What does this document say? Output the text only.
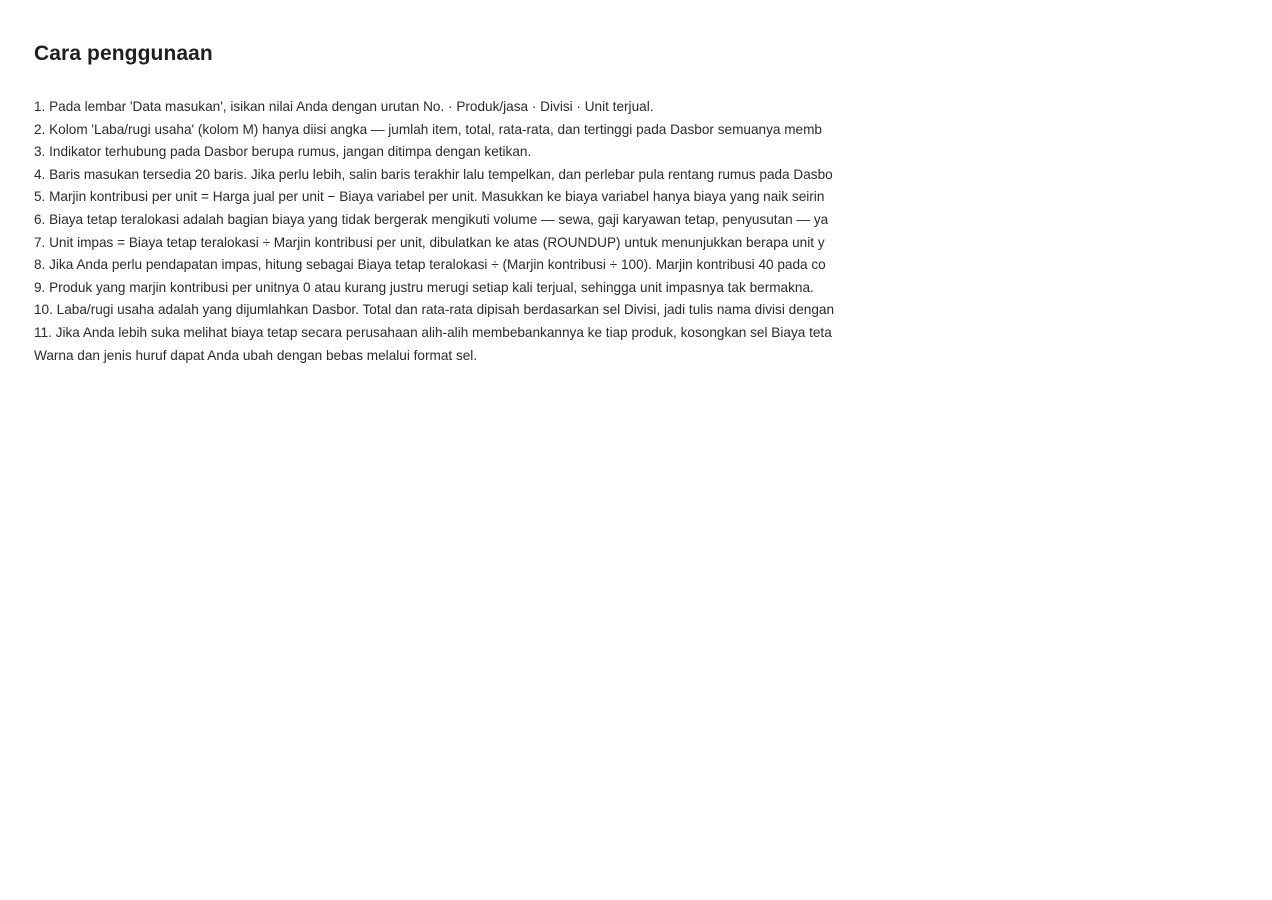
Cara penggunaan
1. Pada lembar 'Data masukan', isikan nilai Anda dengan urutan No. · Produk/jasa · Divisi · Unit terjual.
2. Kolom 'Laba/rugi usaha' (kolom M) hanya diisi angka — jumlah item, total, rata-rata, dan tertinggi pada Dasbor semuanya memb
3. Indikator terhubung pada Dasbor berupa rumus, jangan ditimpa dengan ketikan.
4. Baris masukan tersedia 20 baris. Jika perlu lebih, salin baris terakhir lalu tempelkan, dan perlebar pula rentang rumus pada Dasbo
5. Marjin kontribusi per unit = Harga jual per unit − Biaya variabel per unit. Masukkan ke biaya variabel hanya biaya yang naik seirin
6. Biaya tetap teralokasi adalah bagian biaya yang tidak bergerak mengikuti volume — sewa, gaji karyawan tetap, penyusutan — ya
7. Unit impas = Biaya tetap teralokasi ÷ Marjin kontribusi per unit, dibulatkan ke atas (ROUNDUP) untuk menunjukkan berapa unit y
8. Jika Anda perlu pendapatan impas, hitung sebagai Biaya tetap teralokasi ÷ (Marjin kontribusi ÷ 100). Marjin kontribusi 40 pada co
9. Produk yang marjin kontribusi per unitnya 0 atau kurang justru merugi setiap kali terjual, sehingga unit impasnya tak bermakna.
10. Laba/rugi usaha adalah yang dijumlahkan Dasbor. Total dan rata-rata dipisah berdasarkan sel Divisi, jadi tulis nama divisi dengan
11. Jika Anda lebih suka melihat biaya tetap secara perusahaan alih-alih membebankannya ke tiap produk, kosongkan sel Biaya teta
Warna dan jenis huruf dapat Anda ubah dengan bebas melalui format sel.
